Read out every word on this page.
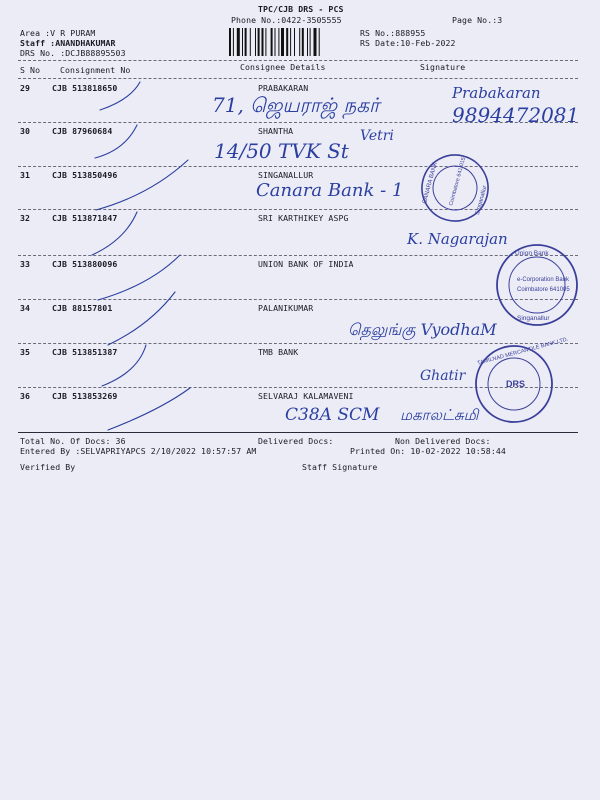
TPC/CJB DRS - PCS
Phone No.:0422-3505555	Page No.:3
Area :V R PURAM
Staff :ANANDHAKUMAR
DRS No. :DCJB88895503
RS No.:888955
RS Date:10-Feb-2022
S No Consignment No	Consignee Details	Signature
29	CJB 513818650	PRABAKARAN
30	CJB 87960684	SHANTHA
31	CJB 513850496	SINGANALLUR
32	CJB 513871847	SRI KARTHIKEY ASPG
33	CJB 513880096	UNION BANK OF INDIA
34	CJB 88157801	PALANIKUMAR
35	CJB 513851387	TMB BANK
36	CJB 513853269	SELVARAJ KALAMAVENI
Total No. Of Docs: 36	Delivered Docs:	Non Delivered Docs:
Entered By :SELVAPRIYAPCS 2/10/2022 10:57:57 AM	Printed On: 10-02-2022 10:58:44
Verified By	Staff Signature
71, ஜெயராஜ் நகர்	Prabakaran
9894472081
14/50 TVK St
Vetri
Canara Bank - 1
K. Nagarajan
தெலுங்கு VyodhaM
Ghatir
C38A SCM மகாலட்சுமி
CANARA BANK	Singanallur
Coimbatore 641 015
Union Bank
e-Corporation Bank
Coimbatore 641005
Singanallur
TAMILNAD MERCANTILE BANK LTD.
DRS
